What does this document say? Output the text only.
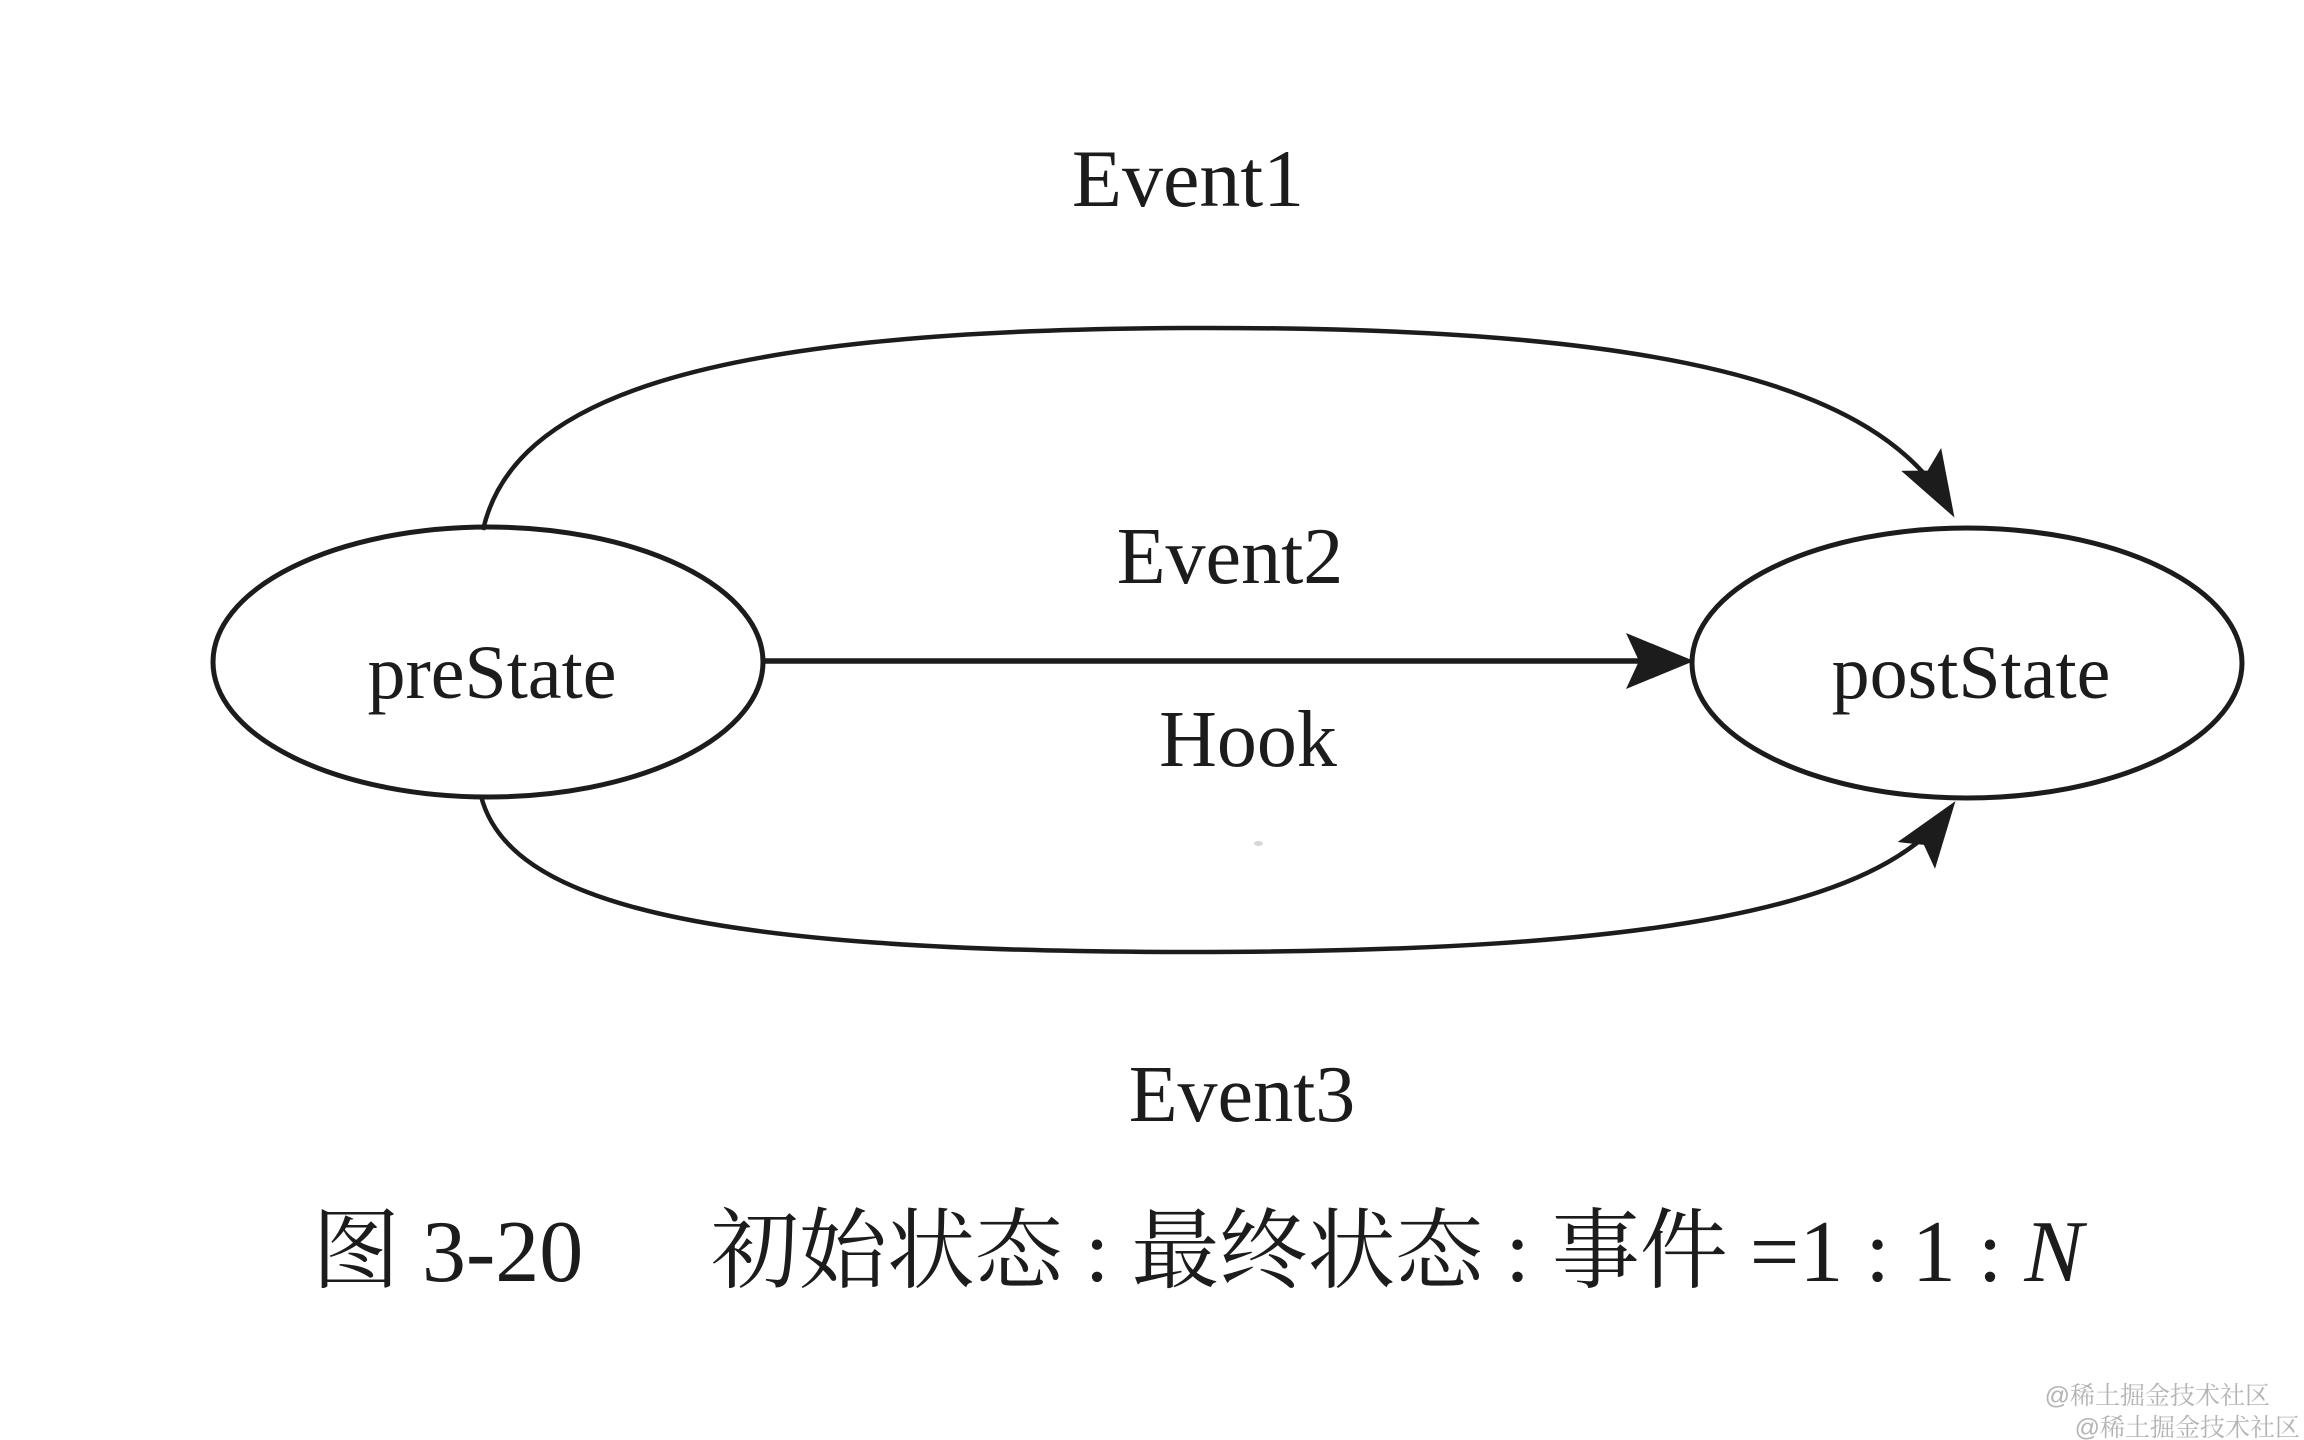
Event1
Event2
Hook
Event3
preState	postState
图 3-20 初始状态 : 最终状态 : 事件 =1 : 1 : N
@稀土掘金技术社区
@稀土掘金技术社区
